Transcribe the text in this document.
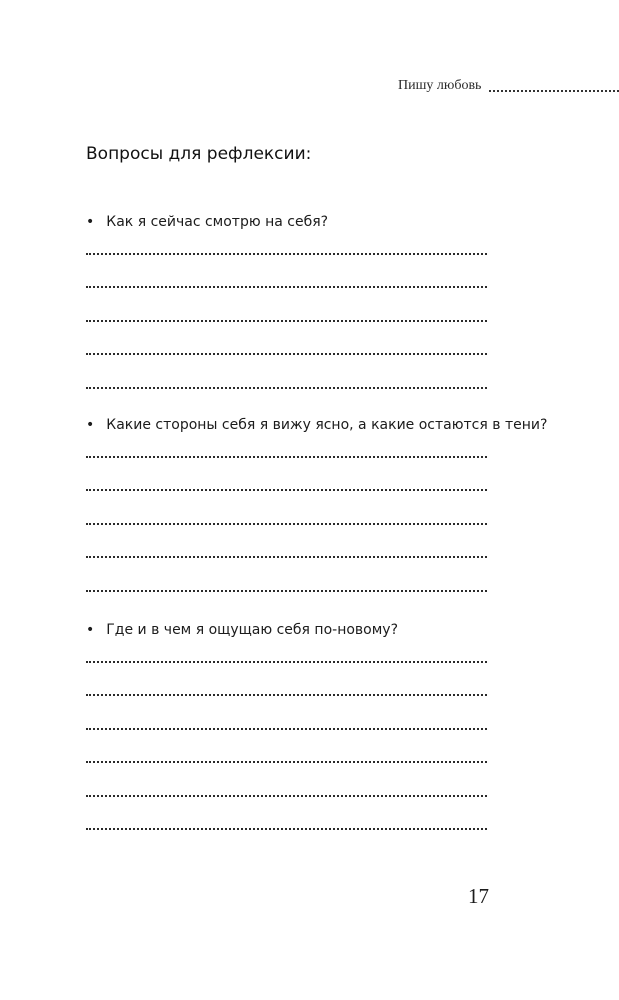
Пишу любовь
Вопросы для рефлексии:
• Как я сейчас смотрю на себя?
• Какие стороны себя я вижу ясно, а какие остаются в тени?
• Где и в чем я ощущаю себя по-новому?
17
